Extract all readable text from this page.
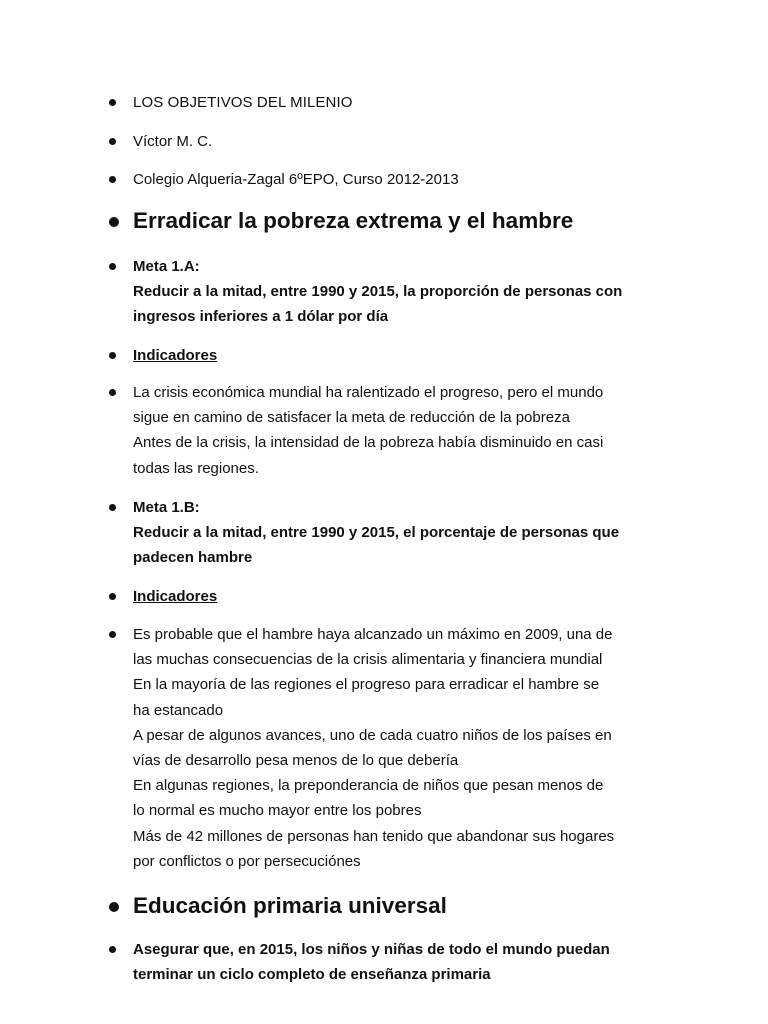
LOS OBJETIVOS DEL MILENIO
Víctor M. C.
Colegio Alqueria-Zagal 6ºEPO, Curso 2012-2013
Erradicar la pobreza extrema y el hambre
Meta 1.A:
Reducir a la mitad, entre 1990 y 2015, la proporción de personas con
ingresos inferiores a 1 dólar por día
Indicadores
La crisis económica mundial ha ralentizado el progreso, pero el mundo
sigue en camino de satisfacer la meta de reducción de la pobreza
Antes de la crisis, la intensidad de la pobreza había disminuido en casi
todas las regiones.
Meta 1.B:
Reducir a la mitad, entre 1990 y 2015, el porcentaje de personas que
padecen hambre
Indicadores
Es probable que el hambre haya alcanzado un máximo en 2009, una de
las muchas consecuencias de la crisis alimentaria y financiera mundial
En la mayoría de las regiones el progreso para erradicar el hambre se
ha estancado
A pesar de algunos avances, uno de cada cuatro niños de los países en
vías de desarrollo pesa menos de lo que debería
En algunas regiones, la preponderancia de niños que pesan menos de
lo normal es mucho mayor entre los pobres
Más de 42 millones de personas han tenido que abandonar sus hogares
por conflictos o por persecuciónes
Educación primaria universal
Asegurar que, en 2015, los niños y niñas de todo el mundo puedan
terminar un ciclo completo de enseñanza primaria
